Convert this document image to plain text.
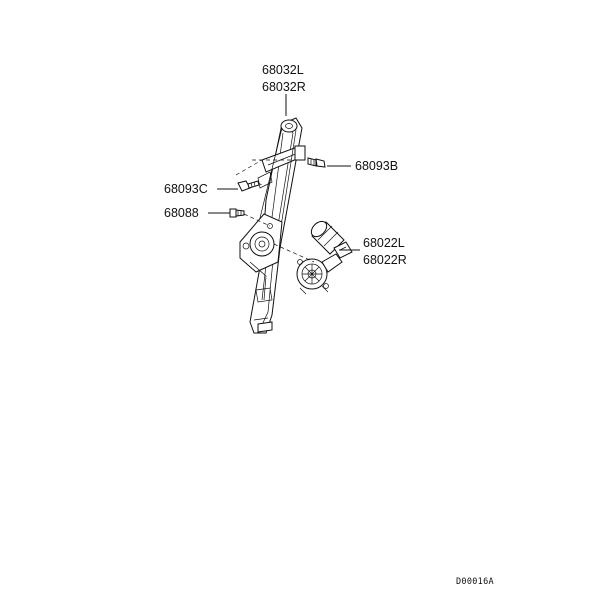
68032L
68032R
68093B
68093C
68088
68022L
68022R
D00016A
